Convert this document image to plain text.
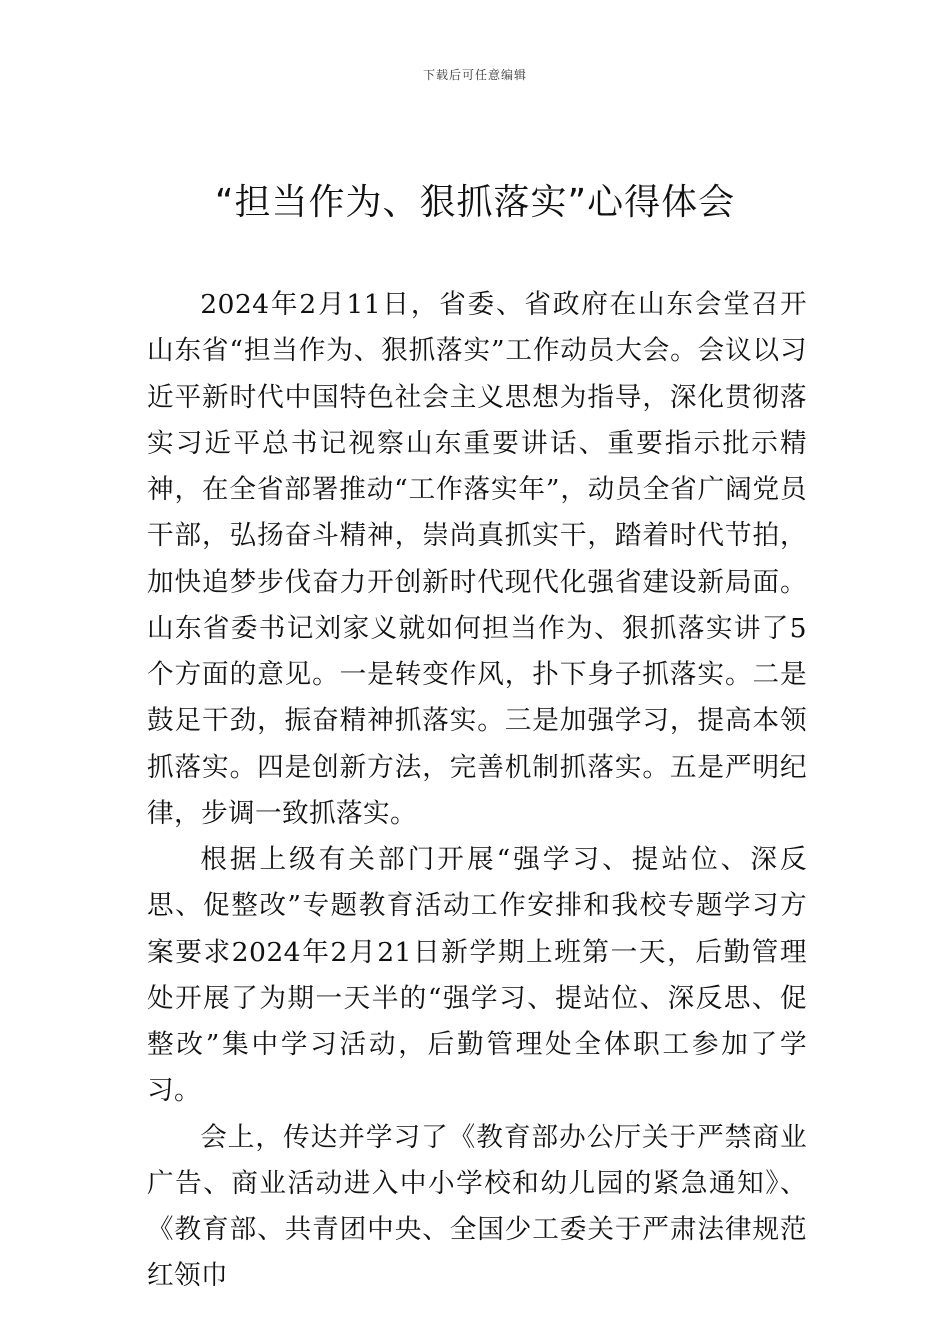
下载后可任意编辑
“担当作为、狠抓落实”心得体会

2024年2月11日，省委、省政府在山东会堂召开山东省“担当作为、狠抓落实”工作动员大会。会议以习近平新时代中国特色社会主义思想为指导，深化贯彻落实习近平总书记视察山东重要讲话、重要指示批示精神，在全省部署推动“工作落实年”，动员全省广阔党员干部，弘扬奋斗精神，崇尚真抓实干，踏着时代节拍，加快追梦步伐奋力开创新时代现代化强省建设新局面。山东省委书记刘家义就如何担当作为、狠抓落实讲了5个方面的意见。一是转变作风，扑下身子抓落实。二是鼓足干劲，振奋精神抓落实。三是加强学习，提高本领抓落实。四是创新方法，完善机制抓落实。五是严明纪律，步调一致抓落实。

根据上级有关部门开展“强学习、提站位、深反思、促整改”专题教育活动工作安排和我校专题学习方案要求2024年2月21日新学期上班第一天，后勤管理处开展了为期一天半的“强学习、提站位、深反思、促整改”集中学习活动，后勤管理处全体职工参加了学习。

会上，传达并学习了《教育部办公厅关于严禁商业广告、商业活动进入中小学校和幼儿园的紧急通知》、《教育部、共青团中央、全国少工委关于严肃法律规范红领巾
